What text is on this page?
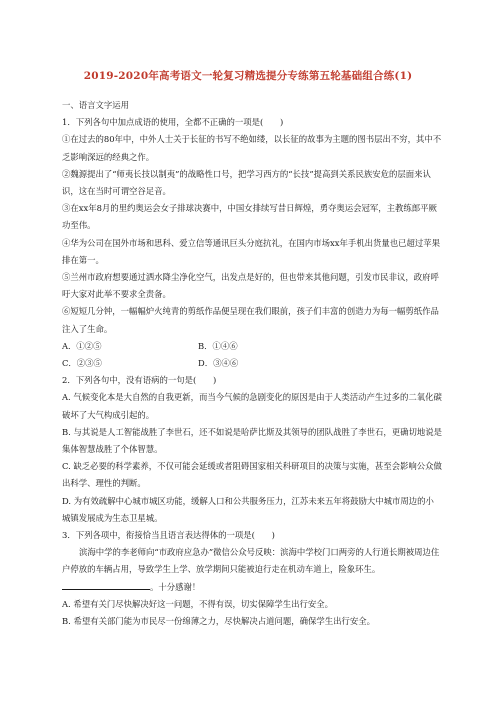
2019-2020年高考语文一轮复习精选提分专练第五轮基础组合练(1)

一、语言文字运用

1．下列各句中加点成语的使用，全都不正确的一项是(　　)

①在过去的80年中，中外人士关于长征的书写不绝如缕，以长征的故事为主题的图书层出不穷，其中不乏影响深远的经典之作。

②魏源提出了“师夷长技以制夷”的战略性口号，把学习西方的“长技”提高到关系民族安危的层面来认识，这在当时可谓空谷足音。

③在xx年8月的里约奥运会女子排球决赛中，中国女排续写昔日辉煌，勇夺奥运会冠军，主教练郎平厥功至伟。

④华为公司在国外市场和思科、爱立信等通讯巨头分庭抗礼，在国内市场xx年手机出货量也已超过苹果排在第一。

⑤兰州市政府想要通过洒水降尘净化空气，出发点是好的，但也带来其他问题，引发市民非议，政府呼吁大家对此举不要求全责备。

⑥短短几分钟，一幅幅炉火纯青的剪纸作品便呈现在我们眼前，孩子们丰富的创造力为每一幅剪纸作品注入了生命。

A．①②⑤	B．①④⑥
C．②③⑤	D．③④⑥

2．下列各句中，没有语病的一句是(　　)

A. 气候变化本是大自然的自我更新，而当今气候的急剧变化的原因是由于人类活动产生过多的二氧化碳破坏了大气构成引起的。

B. 与其说是人工智能战胜了李世石，还不如说是哈萨比斯及其领导的团队战胜了李世石，更确切地说是集体智慧战胜了个体智慧。

C. 缺乏必要的科学素养，不仅可能会延缓或者阻碍国家相关科研项目的决策与实施，甚至会影响公众做出科学、理性的判断。

D. 为有效疏解中心城市城区功能，缓解人口和公共服务压力，江苏未来五年将鼓励大中城市周边的小城镇发展成为生态卫星城。

3．下列各项中，衔接恰当且语言表达得体的一项是(　　)

滨海中学的李老师向“市政府应急办”微信公众号反映：滨海中学校门口两旁的人行道长期被周边住户停放的车辆占用，导致学生上学、放学期间只能被迫行走在机动车道上，险象环生。。十分感谢！

A. 希望有关门尽快解决好这一问题，不得有误，切实保障学生出行安全。

B. 希望有关部门能为市民尽一份绵薄之力，尽快解决占道问题，确保学生出行安全。
